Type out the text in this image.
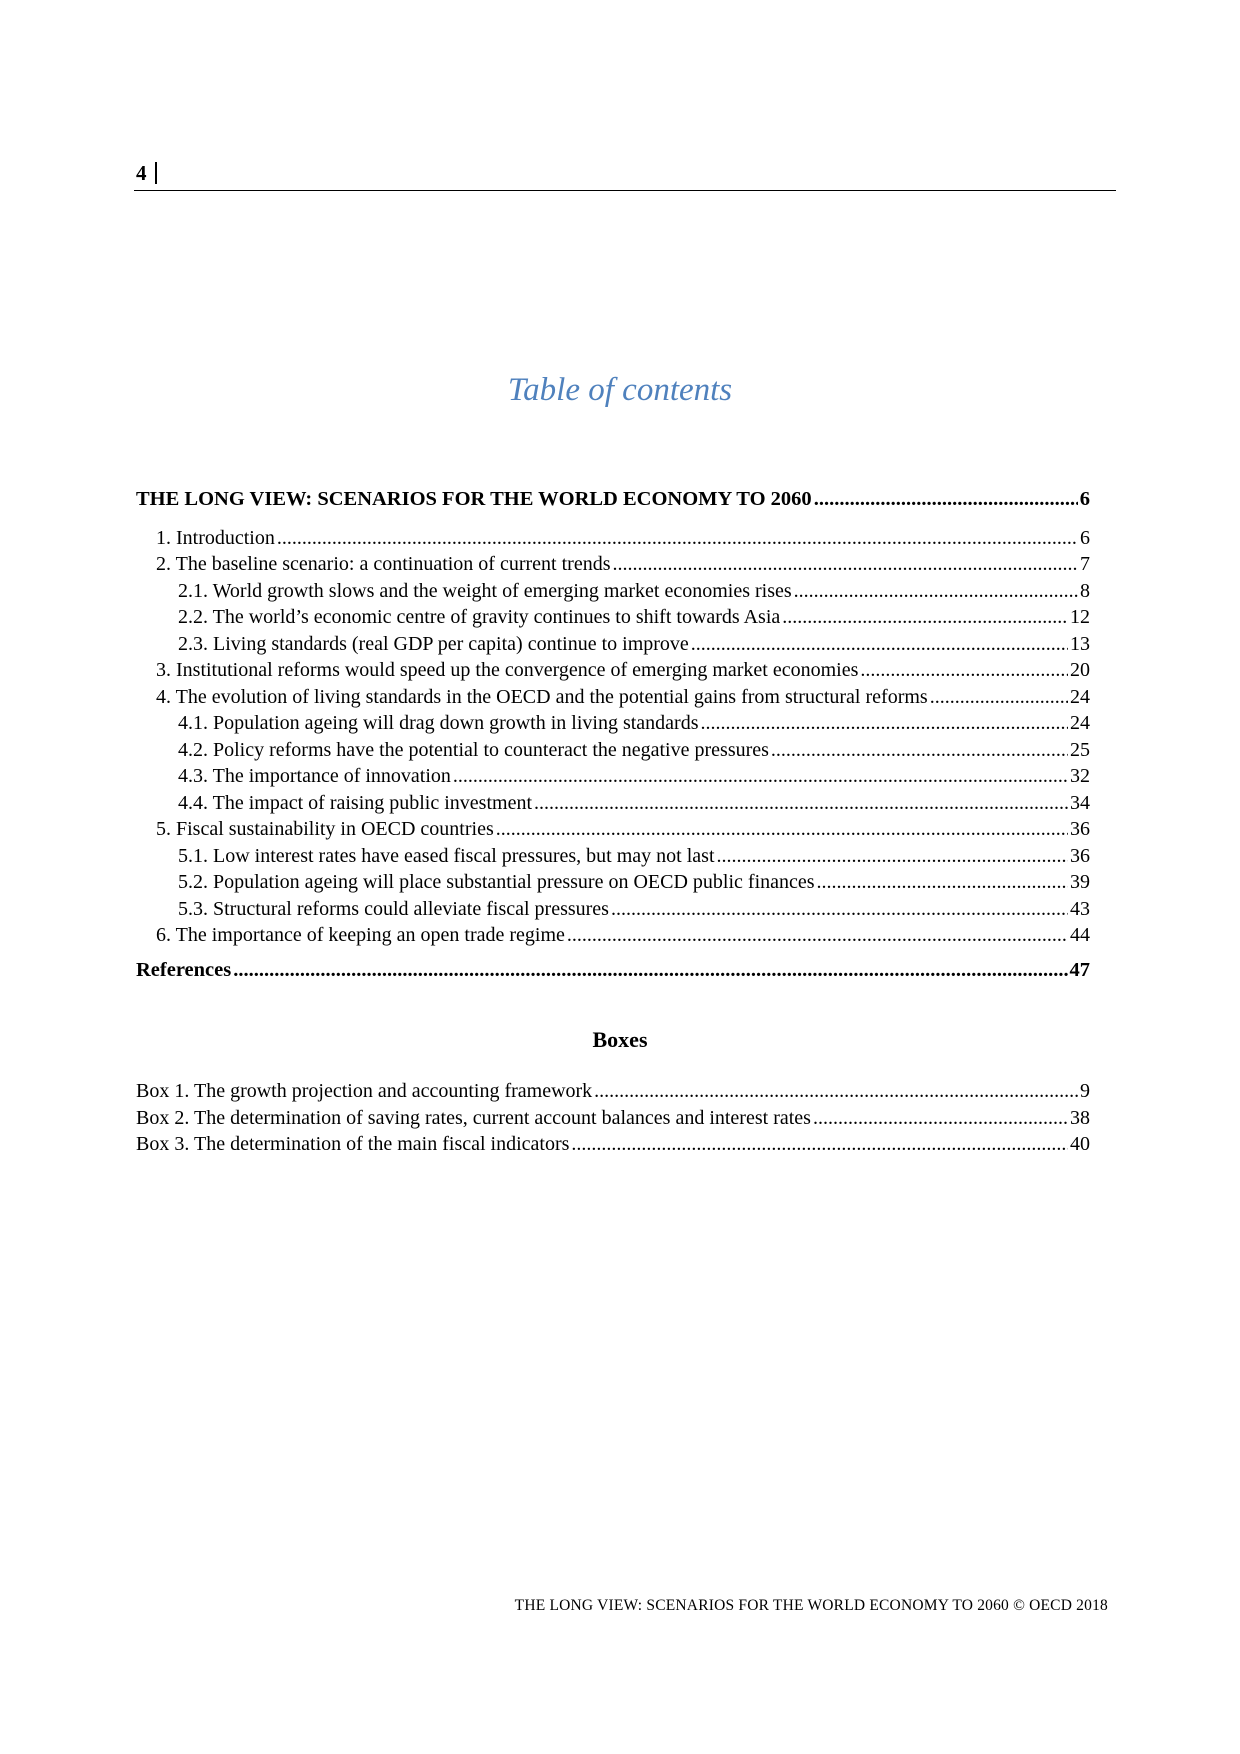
4
Table of contents
THE LONG VIEW: SCENARIOS FOR THE WORLD ECONOMY TO 2060 .....	6
1. Introduction .....	6
2. The baseline scenario: a continuation of current trends .....	7
2.1. World growth slows and the weight of emerging market economies rises .....	8
2.2. The world’s economic centre of gravity continues to shift towards Asia .....	12
2.3. Living standards (real GDP per capita) continue to improve .....	13
3. Institutional reforms would speed up the convergence of emerging market economies .....	20
4. The evolution of living standards in the OECD and the potential gains from structural reforms .....	24
4.1. Population ageing will drag down growth in living standards .....	24
4.2. Policy reforms have the potential to counteract the negative pressures .....	25
4.3. The importance of innovation .....	32
4.4. The impact of raising public investment .....	34
5. Fiscal sustainability in OECD countries .....	36
5.1. Low interest rates have eased fiscal pressures, but may not last .....	36
5.2. Population ageing will place substantial pressure on OECD public finances .....	39
5.3. Structural reforms could alleviate fiscal pressures .....	43
6. The importance of keeping an open trade regime .....	44
References .....	47
Boxes
Box 1. The growth projection and accounting framework .....	9
Box 2. The determination of saving rates, current account balances and interest rates .....	38
Box 3. The determination of the main fiscal indicators .....	40
THE LONG VIEW: SCENARIOS FOR THE WORLD ECONOMY TO 2060 © OECD 2018
